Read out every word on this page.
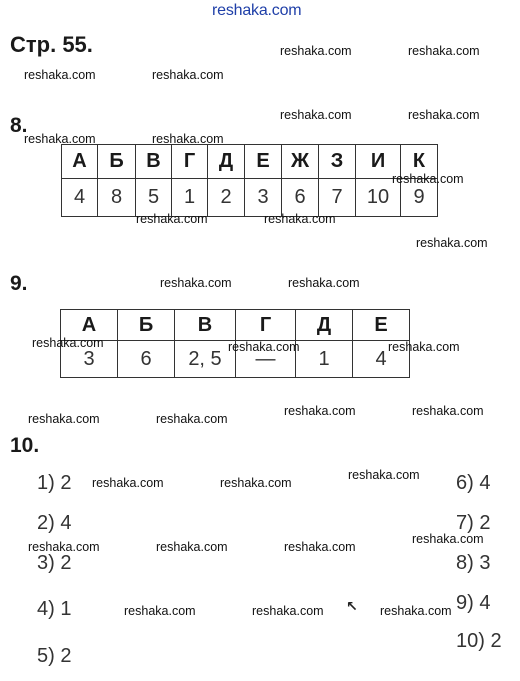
reshaka.com
Стр. 55.	reshaka.com	reshaka.com
reshaka.com	reshaka.com
reshaka.com	reshaka.com
reshaka.com	reshaka.com
reshaka.com
reshaka.com	reshaka.com
reshaka.com	reshaka.com
reshaka.com	reshaka.com
reshaka.com
reshaka.com	reshaka.com
reshaka.com
reshaka.com	reshaka.com	reshaka.com
reshaka.com	reshaka.com	reshaka.com
8.
А	Б	В	Г	Д	Е	Ж	З	И	К
4	8	5	1	2	3	6	7	10	9
reshaka.com
reshaka.com	reshaka.com
9.
А	Б	В	Г	Д	Е
3	6	2, 5	—	1	4
reshaka.com	reshaka.com	reshaka.com
10.
1) 2
2) 4
3) 2
4) 1
5) 2
6) 4
7) 2
8) 3
9) 4
10) 2
↖
